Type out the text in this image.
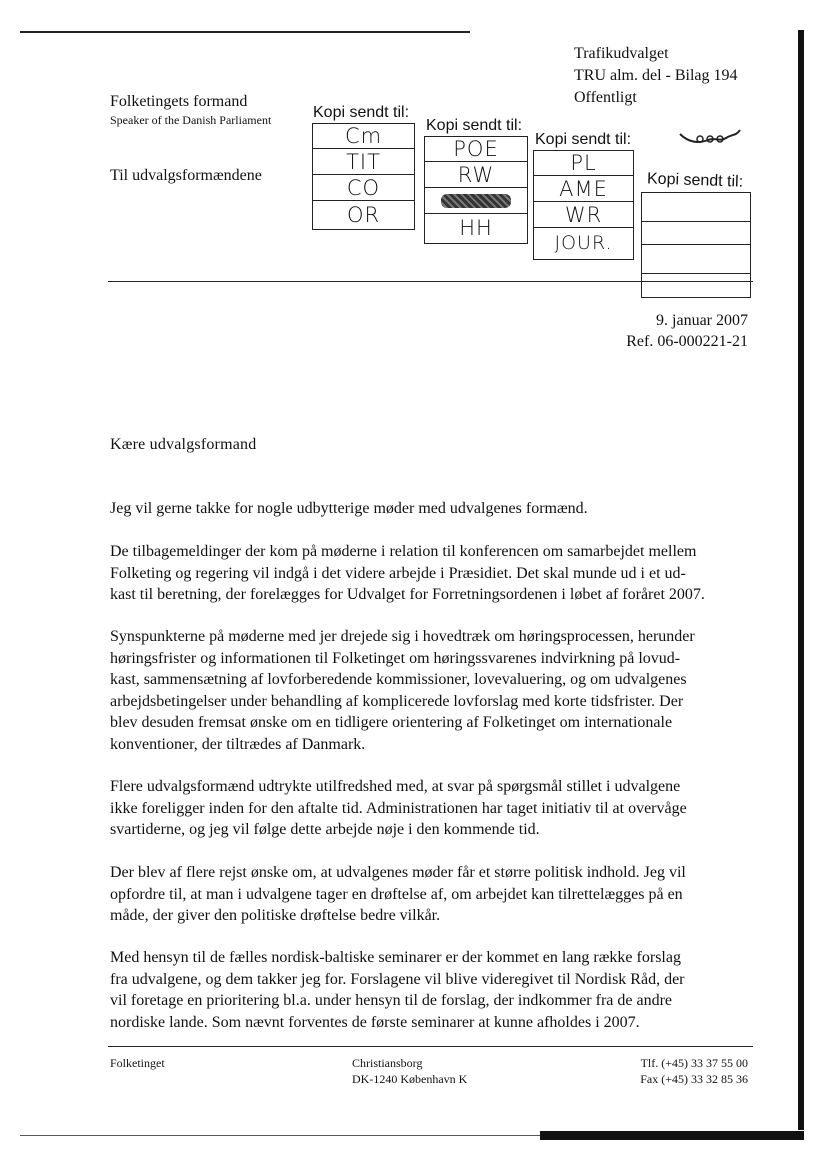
Trafikudvalget
TRU alm. del - Bilag 194
Offentligt
Folketingets formand
Speaker of the Danish Parliament
Til udvalgsformændene
Kopi sendt til:
Cm
TIT
CO
OR
Kopi sendt til:
POE
RW
HH
Kopi sendt til:
PL
AME
WR
JOUR.
Kopi sendt til:
9. januar 2007
Ref. 06-000221-21
Kære udvalgsformand

Jeg vil gerne takke for nogle udbytterige møder med udvalgenes formænd.

De tilbagemeldinger der kom på møderne i relation til konferencen om samarbejdet mellem
Folketing og regering vil indgå i det videre arbejde i Præsidiet. Det skal munde ud i et ud-
kast til beretning, der forelægges for Udvalget for Forretningsordenen i løbet af foråret 2007.

Synspunkterne på møderne med jer drejede sig i hovedtræk om høringsprocessen, herunder
høringsfrister og informationen til Folketinget om høringssvarenes indvirkning på lovud-
kast, sammensætning af lovforberedende kommissioner, lovevaluering, og om udvalgenes
arbejdsbetingelser under behandling af komplicerede lovforslag med korte tidsfrister. Der
blev desuden fremsat ønske om en tidligere orientering af Folketinget om internationale
konventioner, der tiltrædes af Danmark.

Flere udvalgsformænd udtrykte utilfredshed med, at svar på spørgsmål stillet i udvalgene
ikke foreligger inden for den aftalte tid. Administrationen har taget initiativ til at overvåge
svartiderne, og jeg vil følge dette arbejde nøje i den kommende tid.

Der blev af flere rejst ønske om, at udvalgenes møder får et større politisk indhold. Jeg vil
opfordre til, at man i udvalgene tager en drøftelse af, om arbejdet kan tilrettelægges på en
måde, der giver den politiske drøftelse bedre vilkår.

Med hensyn til de fælles nordisk-baltiske seminarer er der kommet en lang række forslag
fra udvalgene, og dem takker jeg for. Forslagene vil blive videregivet til Nordisk Råd, der
vil foretage en prioritering bl.a. under hensyn til de forslag, der indkommer fra de andre
nordiske lande. Som nævnt forventes de første seminarer at kunne afholdes i 2007.

Folketinget	Christiansborg
DK-1240 København K
Tlf. (+45) 33 37 55 00
Fax (+45) 33 32 85 36
